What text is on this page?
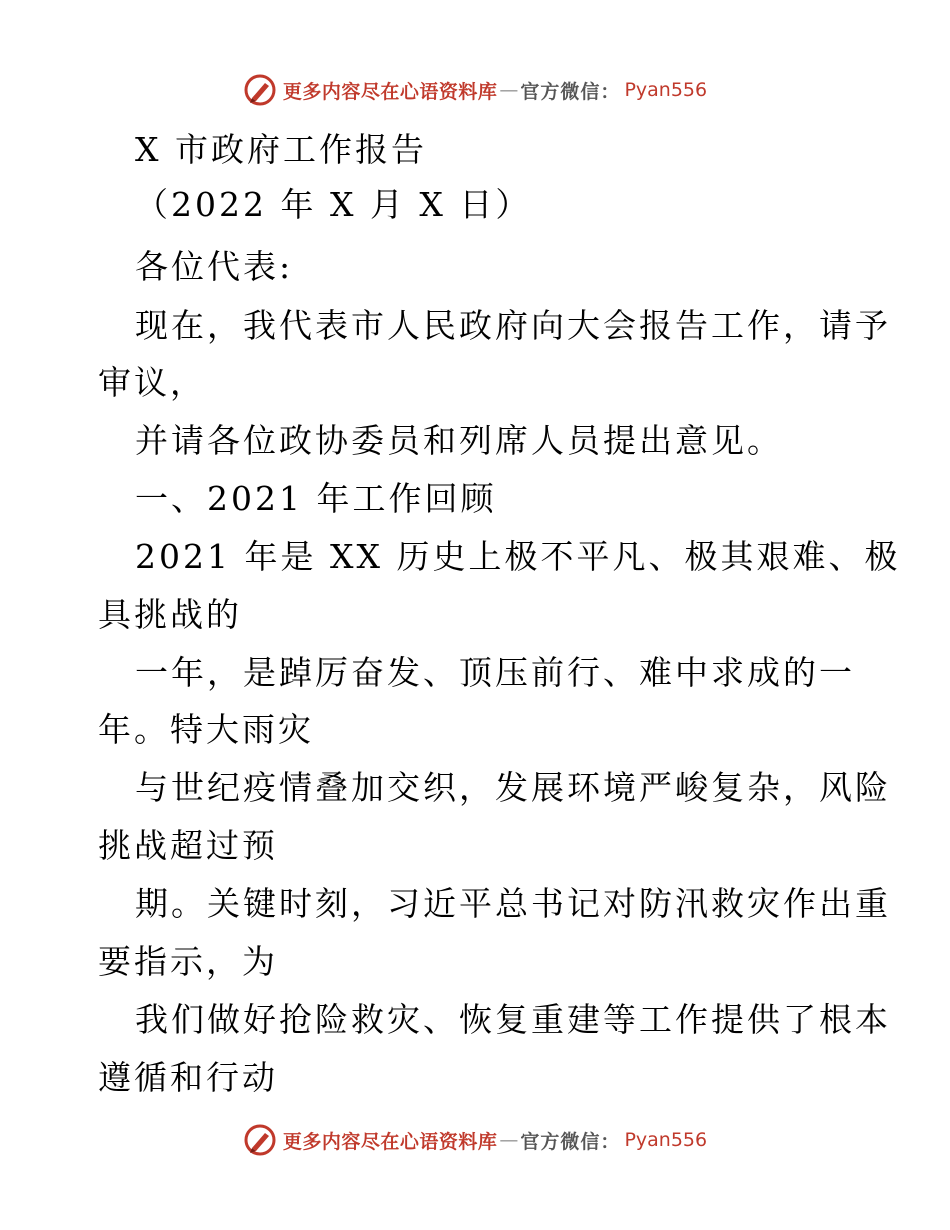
更多内容尽在心语资料库 — 官方微信： Pyan556
X 市政府工作报告
（2022 年 X 月 X 日）
各位代表:
现在，我代表市人民政府向大会报告工作，请予
审议，
并请各位政协委员和列席人员提出意见。
一、2021 年工作回顾
2021 年是 XX 历史上极不平凡、极其艰难、极
具挑战的
一年，是踔厉奋发、顶压前行、难中求成的一
年。特大雨灾
与世纪疫情叠加交织，发展环境严峻复杂，风险
挑战超过预
期。关键时刻，习近平总书记对防汛救灾作出重
要指示，为
我们做好抢险救灾、恢复重建等工作提供了根本
遵循和行动
更多内容尽在心语资料库 — 官方微信： Pyan556
